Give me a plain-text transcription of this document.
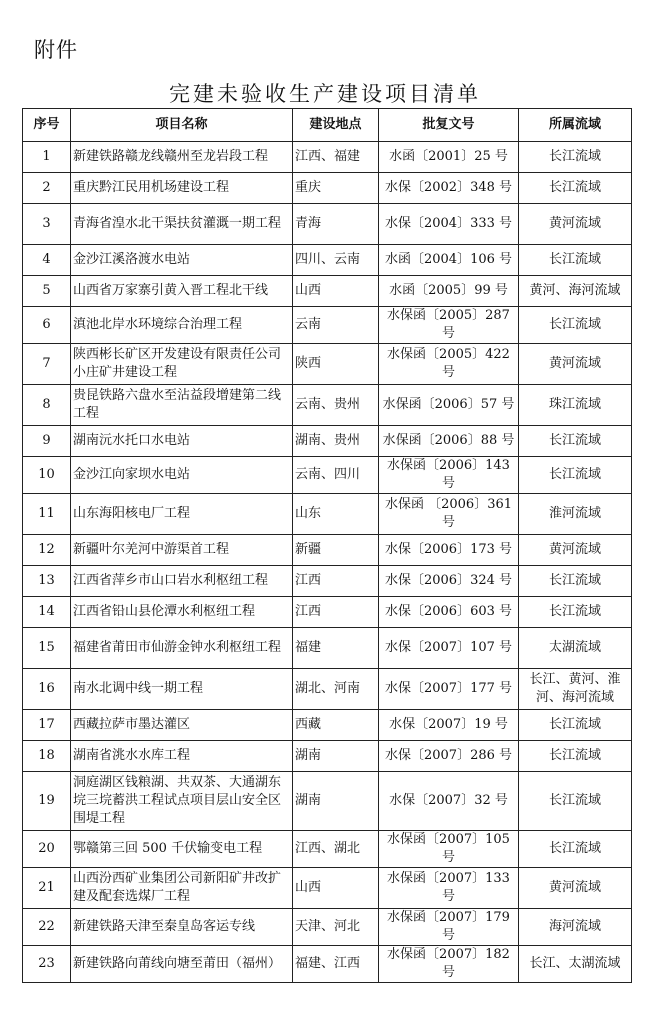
附件
完建未验收生产建设项目清单
序号	项目名称	建设地点	批复文号	所属流域
1	新建铁路赣龙线赣州至龙岩段工程	江西、福建	水函〔2001〕25 号	长江流域
2	重庆黔江民用机场建设工程	重庆	水保〔2002〕348 号	长江流域
3	青海省湟水北干渠扶贫灌溉一期工程	青海	水保〔2004〕333 号	黄河流域
4	金沙江溪洛渡水电站	四川、云南	水函〔2004〕106 号	长江流域
5	山西省万家寨引黄入晋工程北干线	山西	水函〔2005〕99 号	黄河、海河流域
6	滇池北岸水环境综合治理工程	云南	水保函〔2005〕287 号	长江流域
7	陕西彬长矿区开发建设有限责任公司小庄矿井建设工程	陕西	水保函〔2005〕422 号	黄河流域
8	贵昆铁路六盘水至沾益段增建第二线工程	云南、贵州	水保函〔2006〕57 号	珠江流域
9	湖南沅水托口水电站	湖南、贵州	水保函〔2006〕88 号	长江流域
10	金沙江向家坝水电站	云南、四川	水保函〔2006〕143 号	长江流域
11	山东海阳核电厂工程	山东	水保函 〔2006〕361 号	淮河流域
12	新疆叶尔羌河中游渠首工程	新疆	水保〔2006〕173 号	黄河流域
13	江西省萍乡市山口岩水利枢纽工程	江西	水保〔2006〕324 号	长江流域
14	江西省铅山县伦潭水利枢纽工程	江西	水保〔2006〕603 号	长江流域
15	福建省莆田市仙游金钟水利枢纽工程	福建	水保〔2007〕107 号	太湖流域
16	南水北调中线一期工程	湖北、河南	水保〔2007〕177 号	长江、黄河、淮河、海河流域
17	西藏拉萨市墨达灌区	西藏	水保〔2007〕19 号	长江流域
18	湖南省洮水水库工程	湖南	水保〔2007〕286 号	长江流域
19	洞庭湖区钱粮湖、共双茶、大通湖东垸三垸蓄洪工程试点项目层山安全区围堤工程	湖南	水保〔2007〕32 号	长江流域
20	鄂赣第三回 500 千伏输变电工程	江西、湖北	水保函〔2007〕105 号	长江流域
21	山西汾西矿业集团公司新阳矿井改扩建及配套选煤厂工程	山西	水保函〔2007〕133 号	黄河流域
22	新建铁路天津至秦皇岛客运专线	天津、河北	水保函〔2007〕179 号	海河流域
23	新建铁路向莆线向塘至莆田（福州）	福建、江西	水保函〔2007〕182 号	长江、太湖流域
